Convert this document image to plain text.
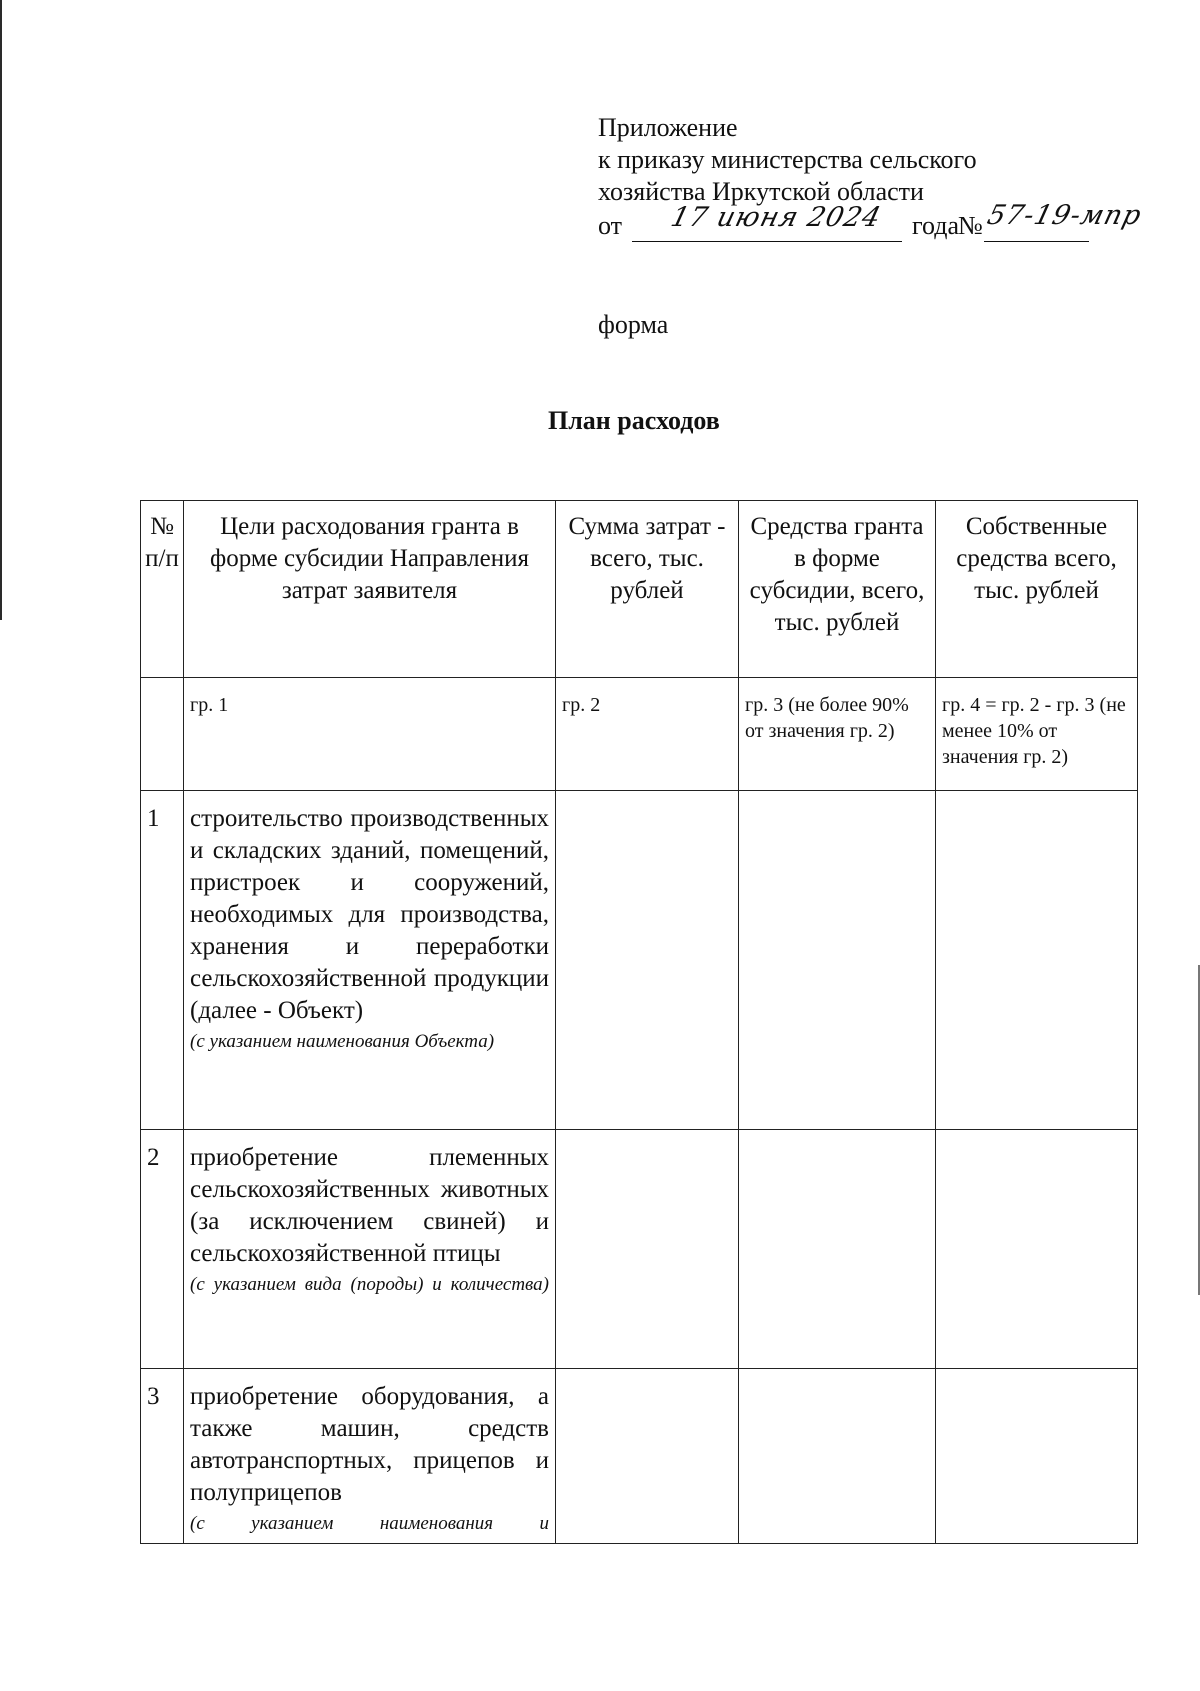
Приложение
к приказу министерства сельского
хозяйства Иркутской области
от 17 июня 2024 года
№ 57-19-мпр
форма
План расходов
№ п/п	Цели расходования гранта в форме субсидии Направления затрат заявителя	Сумма затрат - всего, тыс. рублей	Средства гранта в форме субсидии, всего, тыс. рублей	Собственные средства всего, тыс. рублей
	гр. 1	гр. 2	гр. 3 (не более 90% от значения гр. 2)	гр. 4 = гр. 2 - гр. 3 (не менее 10% от значения гр. 2)
1	строительство производственных и складских зданий, помещений, пристроек и сооружений, необходимых для производства, хранения и переработки сельскохозяйственной продукции (далее - Объект)
(с указанием наименования Объекта)			

2	приобретение племенных сельскохозяйственных животных (за исключением свиней) и сельскохозяйственной птицы
(с указанием вида (породы) и количества)			

3	приобретение оборудования, а также машин, средств автотранспортных, прицепов и полуприцепов
(с указанием наименования и			
